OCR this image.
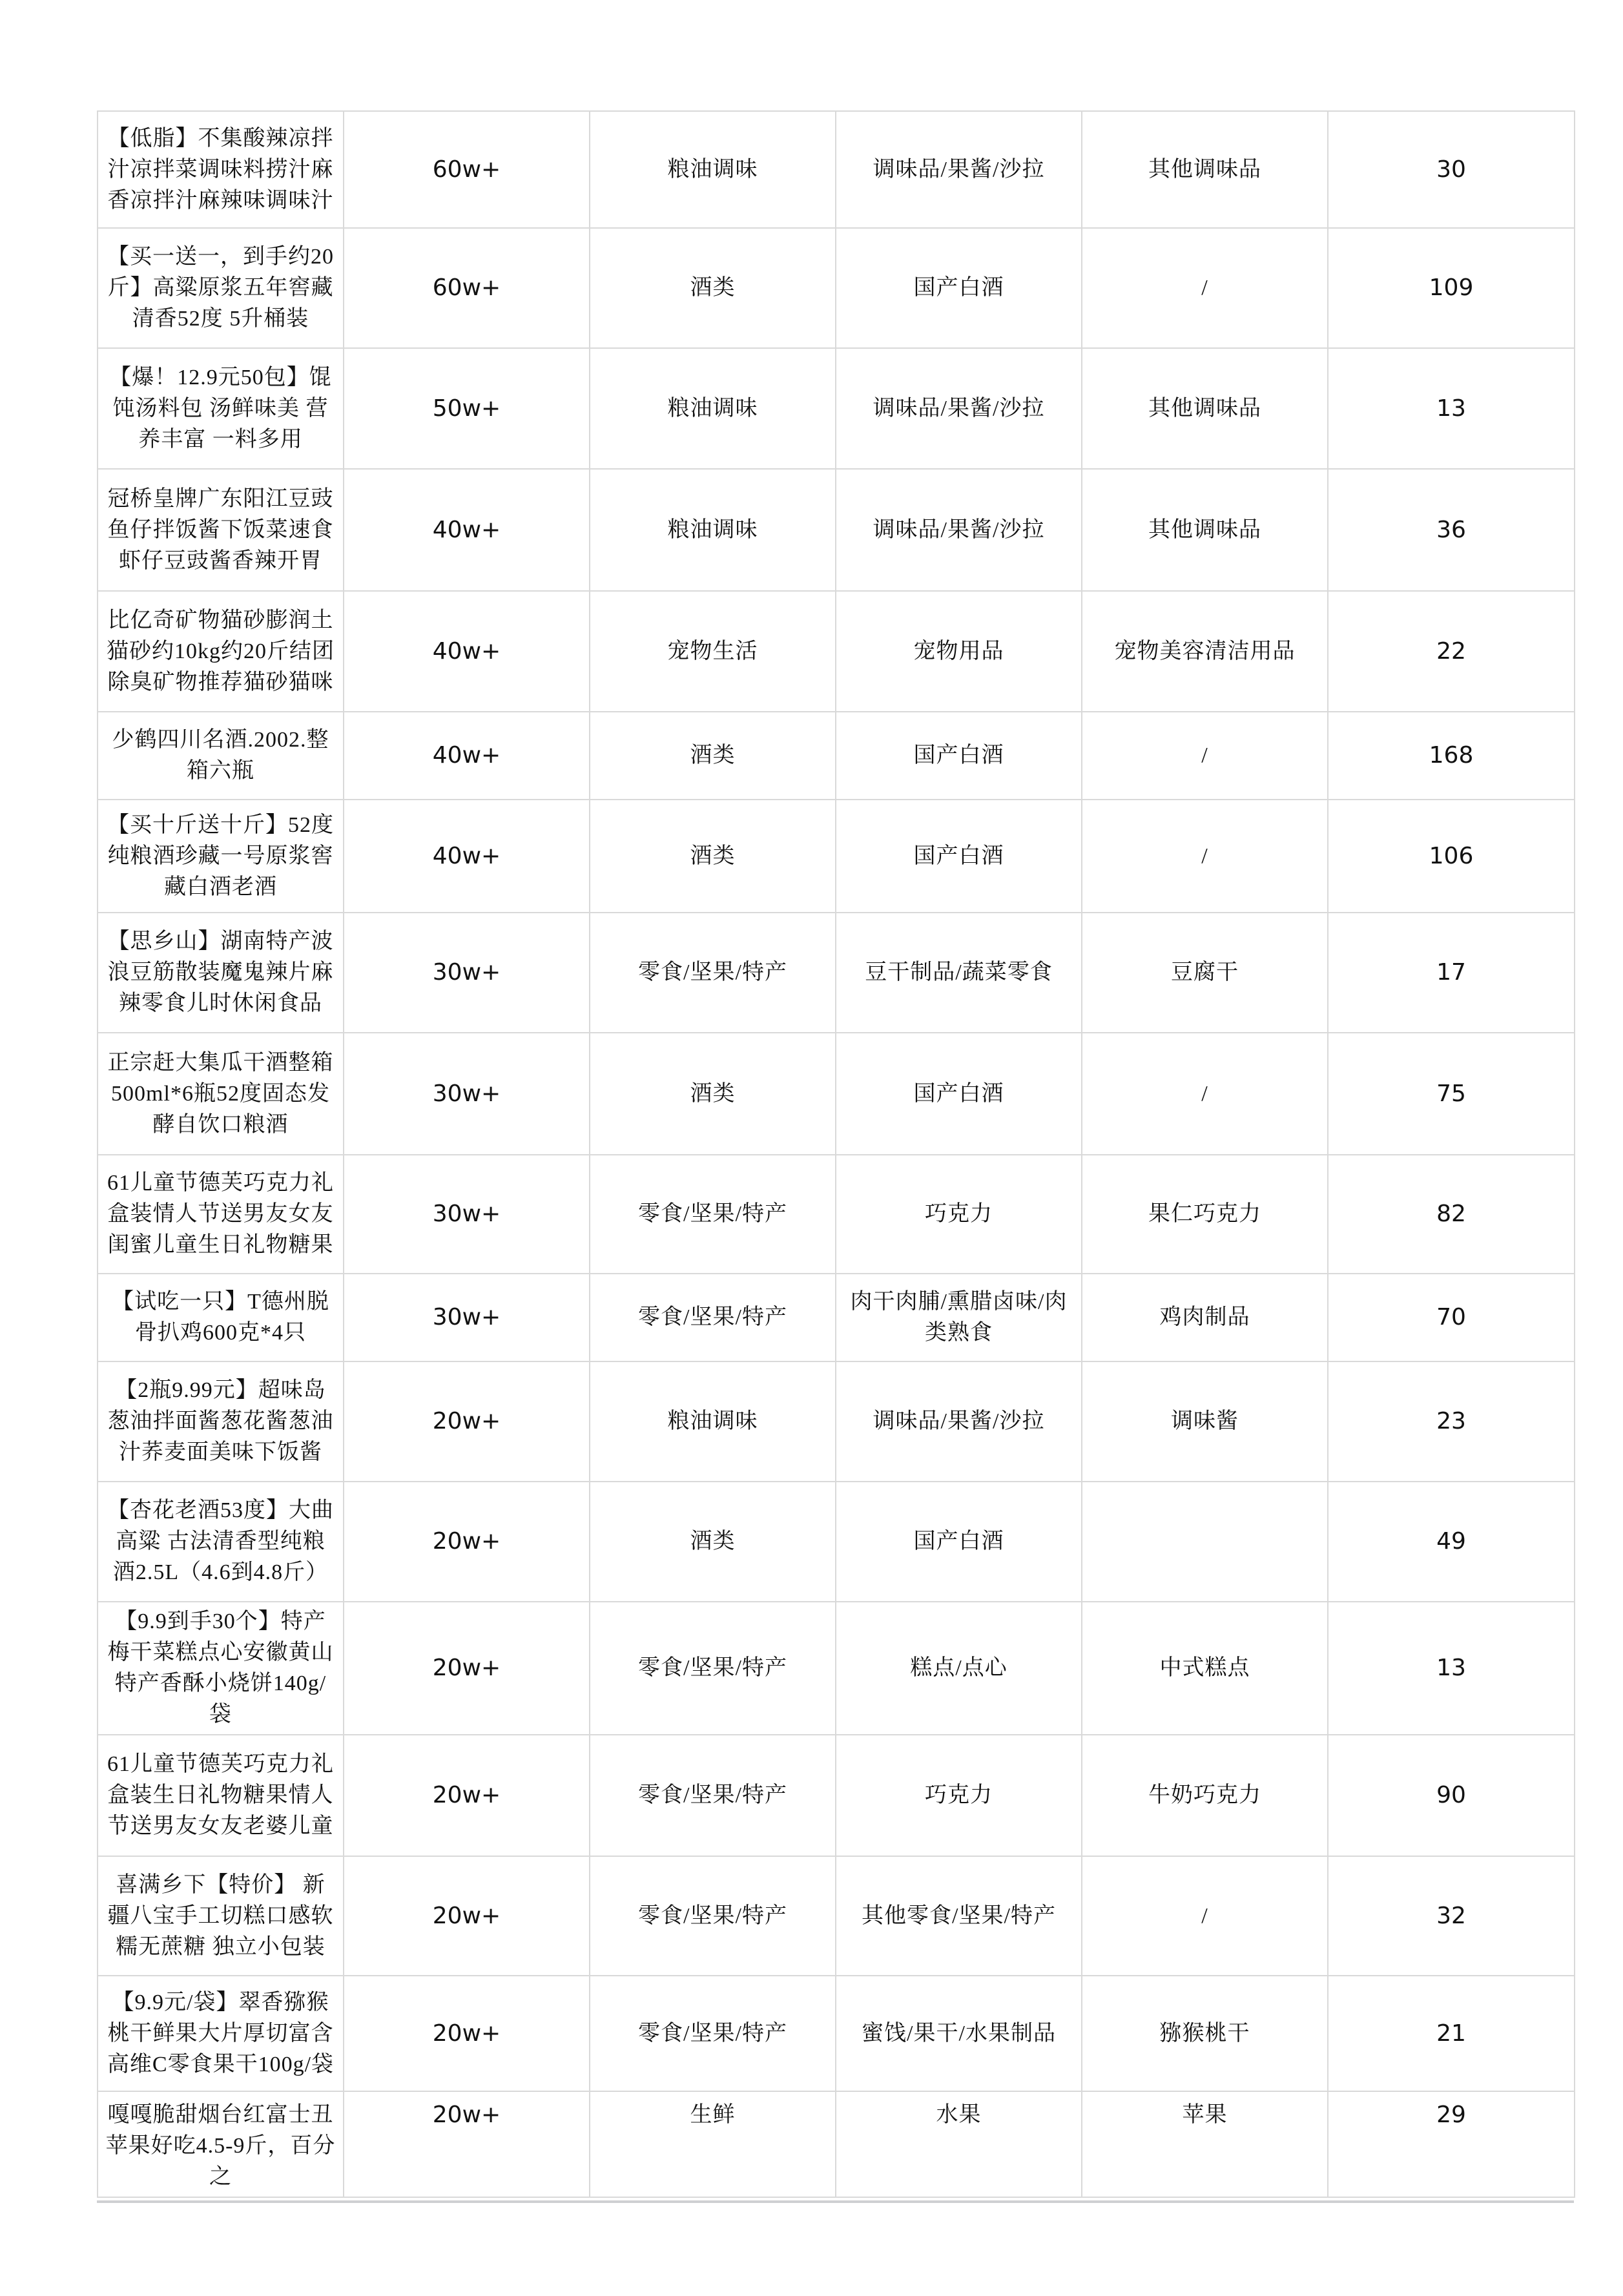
【低脂】不集酸辣凉拌汁凉拌菜调味料捞汁麻香凉拌汁麻辣味调味汁	60w+	粮油调味	调味品/果酱/沙拉	其他调味品	30
【买一送一，到手约20斤】高粱原浆五年窖藏清香52度 5升桶装	60w+	酒类	国产白酒	/	109
【爆！12.9元50包】馄饨汤料包 汤鲜味美 营养丰富 一料多用	50w+	粮油调味	调味品/果酱/沙拉	其他调味品	13
冠桥皇牌广东阳江豆豉鱼仔拌饭酱下饭菜速食虾仔豆豉酱香辣开胃	40w+	粮油调味	调味品/果酱/沙拉	其他调味品	36
比亿奇矿物猫砂膨润土猫砂约10kg约20斤结团除臭矿物推荐猫砂猫咪	40w+	宠物生活	宠物用品	宠物美容清洁用品	22
少鹤四川名酒.2002.整箱六瓶	40w+	酒类	国产白酒	/	168
【买十斤送十斤】52度纯粮酒珍藏一号原浆窖藏白酒老酒	40w+	酒类	国产白酒	/	106
【思乡山】湖南特产波浪豆筋散装魔鬼辣片麻辣零食儿时休闲食品	30w+	零食/坚果/特产	豆干制品/蔬菜零食	豆腐干	17
正宗赶大集瓜干酒整箱500ml*6瓶52度固态发酵自饮口粮酒	30w+	酒类	国产白酒	/	75
61儿童节德芙巧克力礼盒装情人节送男友女友闺蜜儿童生日礼物糖果	30w+	零食/坚果/特产	巧克力	果仁巧克力	82
【试吃一只】T德州脱骨扒鸡600克*4只	30w+	零食/坚果/特产	肉干肉脯/熏腊卤味/肉类熟食	鸡肉制品	70
【2瓶9.99元】超味岛葱油拌面酱葱花酱葱油汁荞麦面美味下饭酱	20w+	粮油调味	调味品/果酱/沙拉	调味酱	23
【杏花老酒53度】大曲高粱 古法清香型纯粮酒2.5L（4.6到4.8斤）	20w+	酒类	国产白酒		49
【9.9到手30个】特产梅干菜糕点心安徽黄山特产香酥小烧饼140g/袋	20w+	零食/坚果/特产	糕点/点心	中式糕点	13
61儿童节德芙巧克力礼盒装生日礼物糖果情人节送男友女友老婆儿童	20w+	零食/坚果/特产	巧克力	牛奶巧克力	90
喜满乡下【特价】 新疆八宝手工切糕口感软糯无蔗糖 独立小包装	20w+	零食/坚果/特产	其他零食/坚果/特产	/	32
【9.9元/袋】翠香猕猴桃干鲜果大片厚切富含高维C零食果干100g/袋	20w+	零食/坚果/特产	蜜饯/果干/水果制品	猕猴桃干	21
嘎嘎脆甜烟台红富士丑苹果好吃4.5-9斤，百分之	20w+	生鲜	水果	苹果	29
